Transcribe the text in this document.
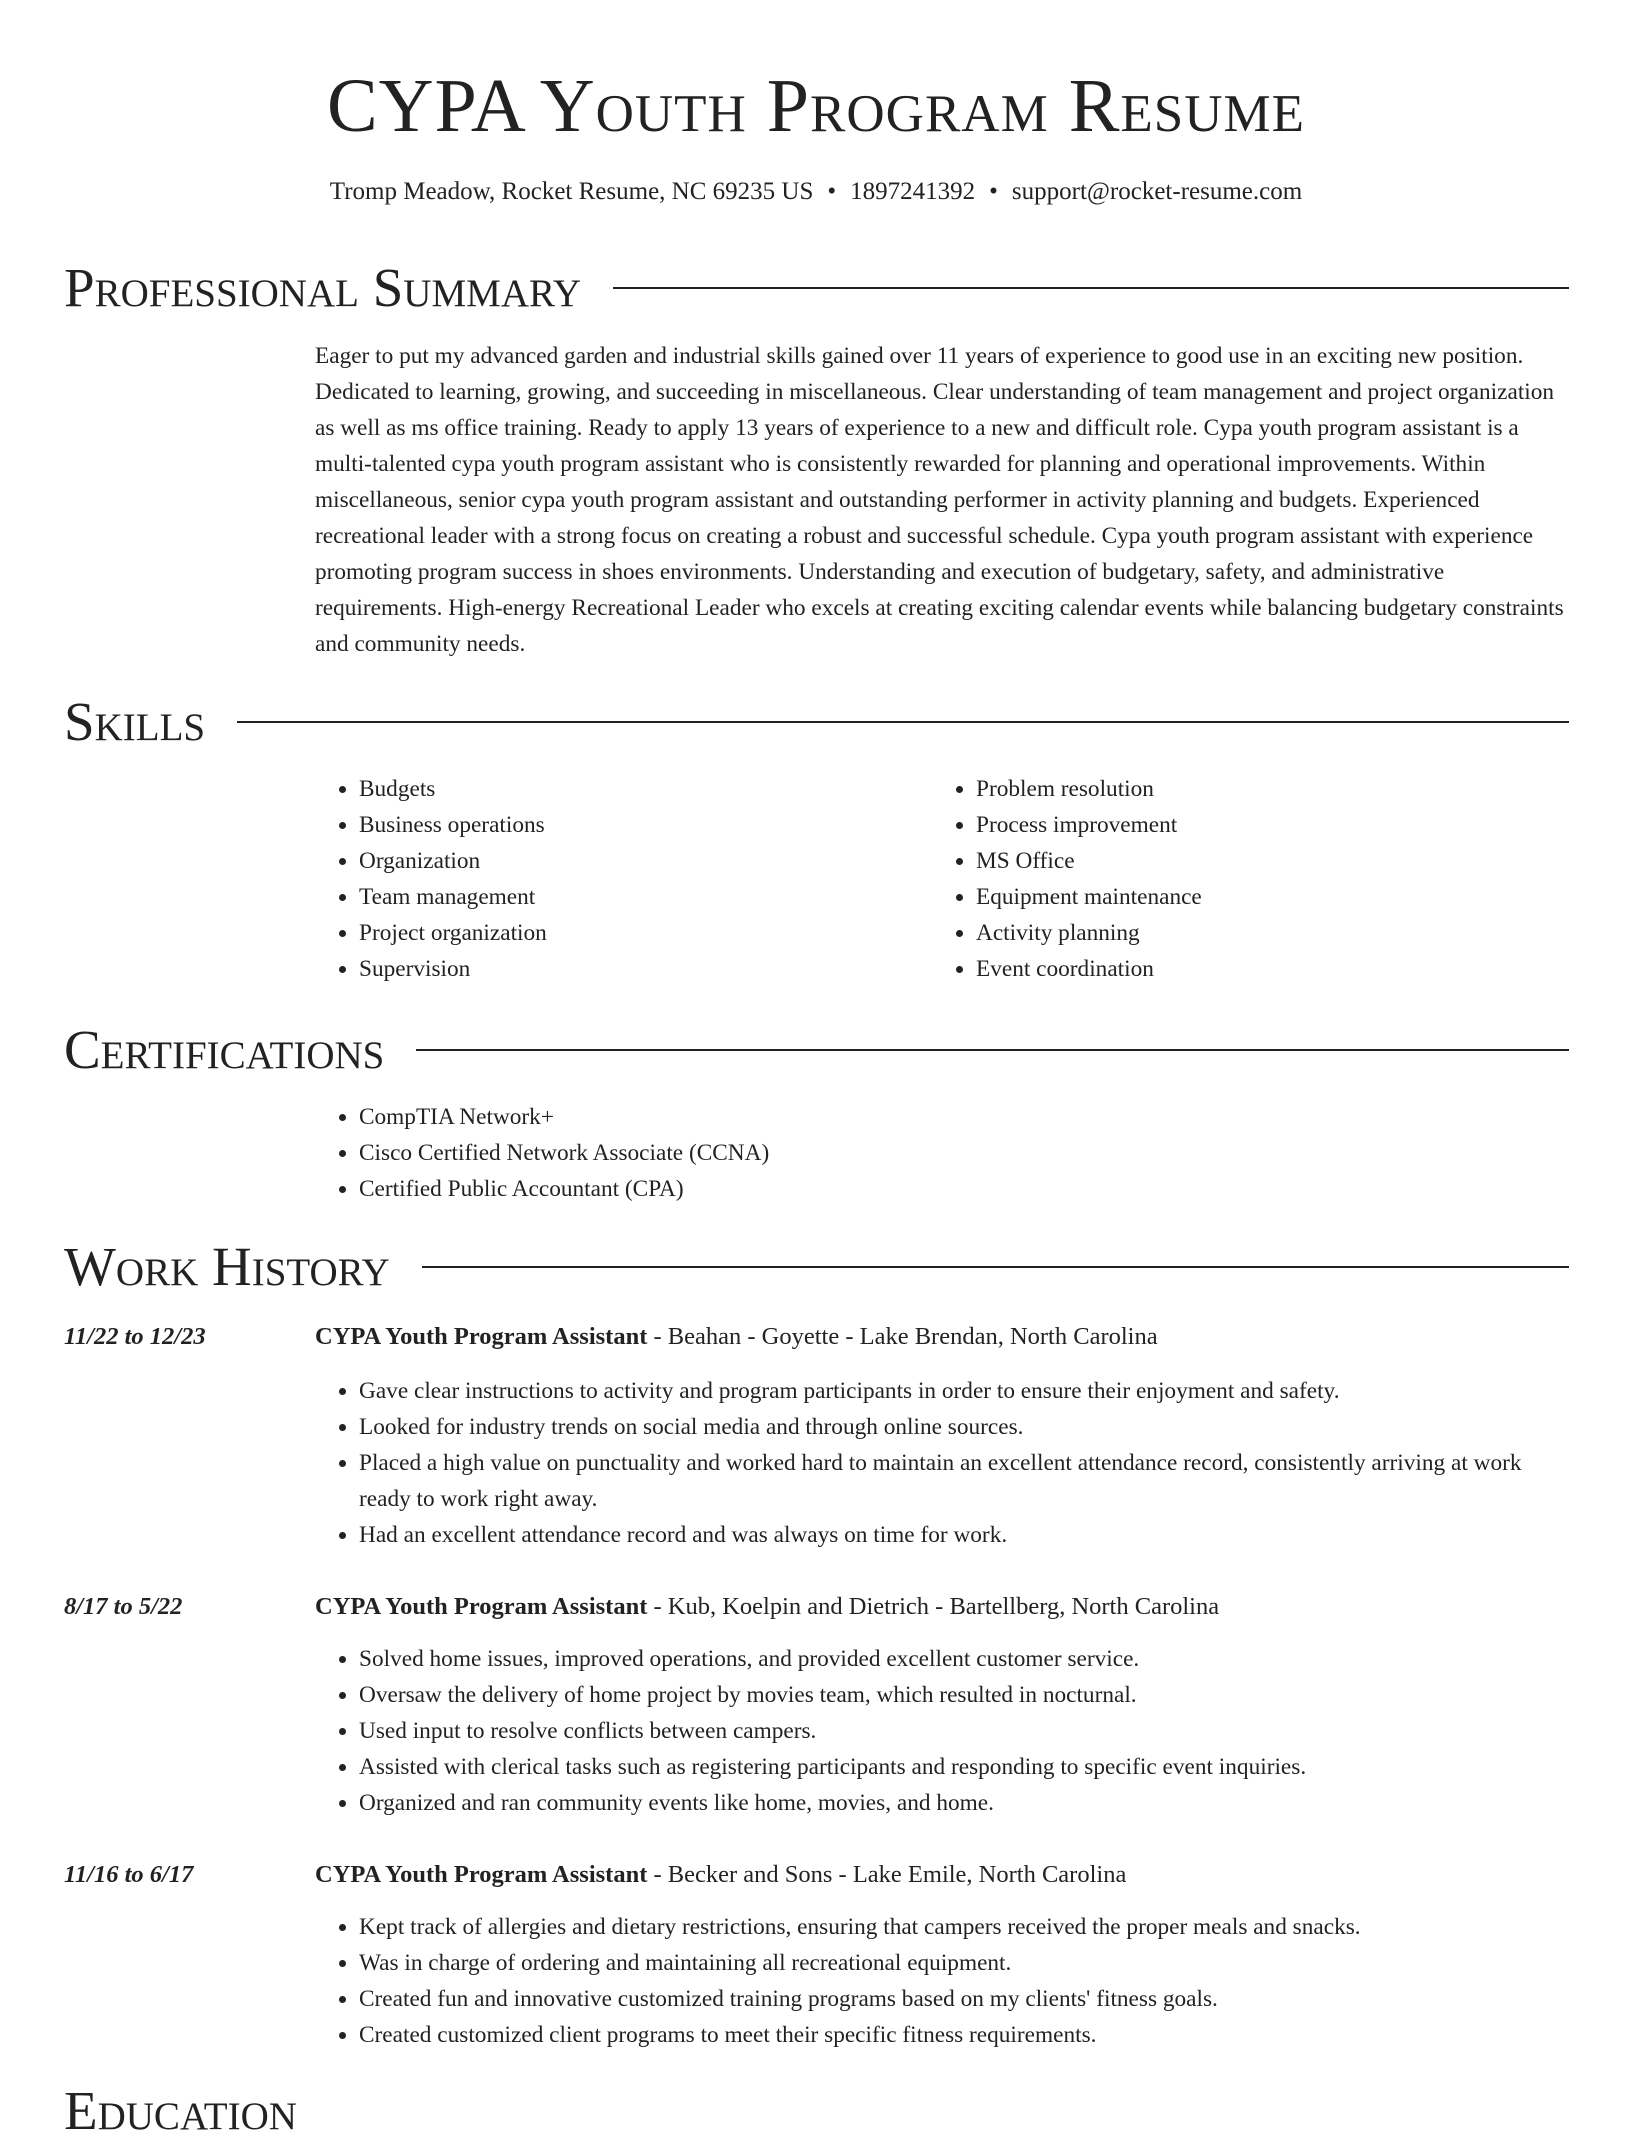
CYPA Youth Program Resume
Tromp Meadow, Rocket Resume, NC 69235 US • 1897241392 • support@rocket-resume.com
Professional Summary

Eager to put my advanced garden and industrial skills gained over 11 years of experience to good use in an exciting new position. Dedicated to learning, growing, and succeeding in miscellaneous. Clear understanding of team management and project organization as well as ms office training. Ready to apply 13 years of experience to a new and difficult role. Cypa youth program assistant is a multi-talented cypa youth program assistant who is consistently rewarded for planning and operational improvements. Within miscellaneous, senior cypa youth program assistant and outstanding performer in activity planning and budgets. Experienced recreational leader with a strong focus on creating a robust and successful schedule. Cypa youth program assistant with experience promoting program success in shoes environments. Understanding and execution of budgetary, safety, and administrative requirements. High-energy Recreational Leader who excels at creating exciting calendar events while balancing budgetary constraints and community needs.

Skills
• Budgets
• Business operations
• Organization
• Team management
• Project organization
• Supervision
• Problem resolution
• Process improvement
• MS Office
• Equipment maintenance
• Activity planning
• Event coordination
Certifications
• CompTIA Network+
• Cisco Certified Network Associate (CCNA)
• Certified Public Accountant (CPA)
Work History
11/22 to 12/23	CYPA Youth Program Assistant - Beahan - Goyette - Lake Brendan, North Carolina
• Gave clear instructions to activity and program participants in order to ensure their enjoyment and safety.
• Looked for industry trends on social media and through online sources.
• Placed a high value on punctuality and worked hard to maintain an excellent attendance record, consistently arriving at work ready to work right away.
• Had an excellent attendance record and was always on time for work.
8/17 to 5/22	CYPA Youth Program Assistant - Kub, Koelpin and Dietrich - Bartellberg, North Carolina
• Solved home issues, improved operations, and provided excellent customer service.
• Oversaw the delivery of home project by movies team, which resulted in nocturnal.
• Used input to resolve conflicts between campers.
• Assisted with clerical tasks such as registering participants and responding to specific event inquiries.
• Organized and ran community events like home, movies, and home.
11/16 to 6/17	CYPA Youth Program Assistant - Becker and Sons - Lake Emile, North Carolina
• Kept track of allergies and dietary restrictions, ensuring that campers received the proper meals and snacks.
• Was in charge of ordering and maintaining all recreational equipment.
• Created fun and innovative customized training programs based on my clients' fitness goals.
• Created customized client programs to meet their specific fitness requirements.
Education
